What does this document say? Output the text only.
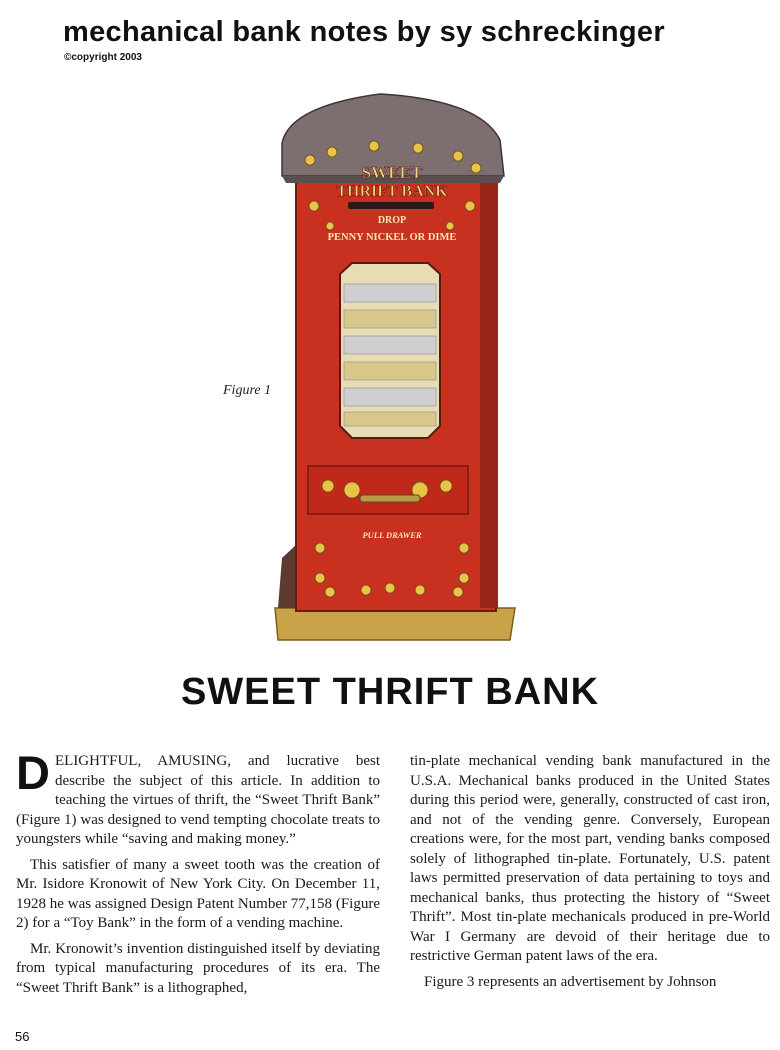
mechanical bank notes by sy schreckinger
©copyright 2003
Figure 1
SWEET
THRIFT BANK
DROP
PENNY NICKEL OR DIME
PULL DRAWER
SWEET THRIFT BANK

DELIGHTFUL, AMUSING, and lucrative best describe the subject of this article. In addition to teaching the virtues of thrift, the “Sweet Thrift Bank” (Figure 1) was designed to vend tempting chocolate treats to youngsters while “saving and making money.”

This satisfier of many a sweet tooth was the creation of Mr. Isidore Kronowit of New York City. On December 11, 1928 he was assigned Design Patent Number 77,158 (Figure 2) for a “Toy Bank” in the form of a vending machine.

Mr. Kronowit’s invention distinguished itself by deviating from typical manufacturing procedures of its era. The “Sweet Thrift Bank” is a lithographed,

tin-plate mechanical vending bank manufactured in the U.S.A. Mechanical banks produced in the United States during this period were, generally, constructed of cast iron, and not of the vending genre. Conversely, European creations were, for the most part, vending banks composed solely of lithographed tin-plate. Fortunately, U.S. patent laws permitted preservation of data pertaining to toys and mechanical banks, thus protecting the history of “Sweet Thrift”. Most tin-plate mechanicals produced in pre-World War I Germany are devoid of their heritage due to restrictive German patent laws of the era.

Figure 3 represents an advertisement by Johnson

56
